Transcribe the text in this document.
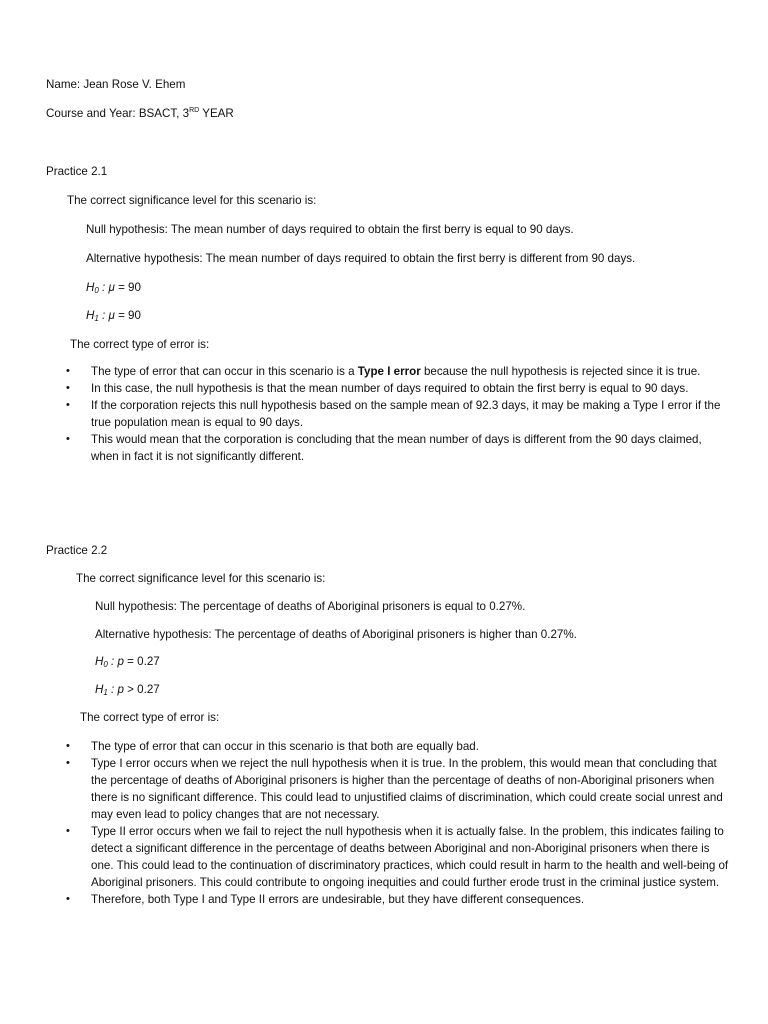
Name: Jean Rose V. Ehem
Course and Year: BSACT, 3RD YEAR
Practice 2.1
The correct significance level for this scenario is:
Null hypothesis: The mean number of days required to obtain the first berry is equal to 90 days.
Alternative hypothesis: The mean number of days required to obtain the first berry is different from 90 days.
$H_0$ : μ = 90
$H_1$ : μ = 90
The correct type of error is:
• The type of error that can occur in this scenario is a Type I error because the null hypothesis is rejected since it is true.
• In this case, the null hypothesis is that the mean number of days required to obtain the first berry is equal to 90 days.
• If the corporation rejects this null hypothesis based on the sample mean of 92.3 days, it may be making a Type I error if the true population mean is equal to 90 days.
• This would mean that the corporation is concluding that the mean number of days is different from the 90 days claimed, when in fact it is not significantly different.
Practice 2.2
The correct significance level for this scenario is:
Null hypothesis: The percentage of deaths of Aboriginal prisoners is equal to 0.27%.
Alternative hypothesis: The percentage of deaths of Aboriginal prisoners is higher than 0.27%.
$H_0$ : p = 0.27
$H_1$ : p > 0.27
The correct type of error is:
• The type of error that can occur in this scenario is that both are equally bad.
• Type I error occurs when we reject the null hypothesis when it is true. In the problem, this would mean that concluding that the percentage of deaths of Aboriginal prisoners is higher than the percentage of deaths of non-Aboriginal prisoners when there is no significant difference. This could lead to unjustified claims of discrimination, which could create social unrest and may even lead to policy changes that are not necessary.
• Type II error occurs when we fail to reject the null hypothesis when it is actually false. In the problem, this indicates failing to detect a significant difference in the percentage of deaths between Aboriginal and non-Aboriginal prisoners when there is one. This could lead to the continuation of discriminatory practices, which could result in harm to the health and well-being of Aboriginal prisoners. This could contribute to ongoing inequities and could further erode trust in the criminal justice system.
• Therefore, both Type I and Type II errors are undesirable, but they have different consequences.
